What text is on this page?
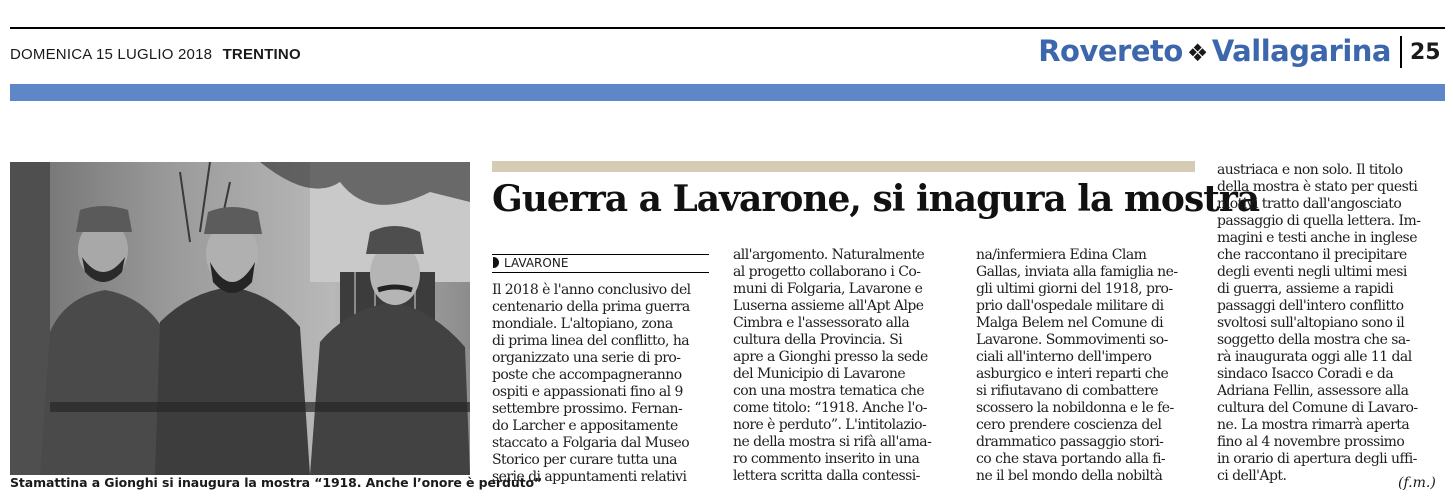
DOMENICA 15 LUGLIO 2018 TRENTINO	Rovereto ❖ Vallagarina 25
Stamattina a Gionghi si inaugura la mostra “1918. Anche l’onore è perduto”
Guerra a Lavarone, si inagura la mostra
LAVARONE
Il 2018 è l'anno conclusivo del
centenario della prima guerra
mondiale. L'altopiano, zona
di prima linea del conflitto, ha
organizzato una serie di pro-
poste che accompagneranno
ospiti e appassionati fino al 9
settembre prossimo. Fernan-
do Larcher e appositamente
staccato a Folgaria dal Museo
Storico per curare tutta una
serie di appuntamenti relativi
all'argomento. Naturalmente
al progetto collaborano i Co-
muni di Folgaria, Lavarone e
Luserna assieme all'Apt Alpe
Cimbra e l'assessorato alla
cultura della Provincia. Si
apre a Gionghi presso la sede
del Municipio di Lavarone
con una mostra tematica che
come titolo: “1918. Anche l'o-
nore è perduto”. L'intitolazio-
ne della mostra si rifà all'ama-
ro commento inserito in una
lettera scritta dalla contessi-
na/infermiera Edina Clam
Gallas, inviata alla famiglia ne-
gli ultimi giorni del 1918, pro-
prio dall'ospedale militare di
Malga Belem nel Comune di
Lavarone. Sommovimenti so-
ciali all'interno dell'impero
asburgico e interi reparti che
si rifiutavano di combattere
scossero la nobildonna e le fe-
cero prendere coscienza del
drammatico passaggio stori-
co che stava portando alla fi-
ne il bel mondo della nobiltà
austriaca e non solo. Il titolo
della mostra è stato per questi
motivi tratto dall'angosciato
passaggio di quella lettera. Im-
magini e testi anche in inglese
che raccontano il precipitare
degli eventi negli ultimi mesi
di guerra, assieme a rapidi
passaggi dell'intero conflitto
svoltosi sull'altopiano sono il
soggetto della mostra che sa-
rà inaugurata oggi alle 11 dal
sindaco Isacco Coradi e da
Adriana Fellin, assessore alla
cultura del Comune di Lavaro-
ne. La mostra rimarrà aperta
fino al 4 novembre prossimo
in orario di apertura degli uffi-
ci dell'Apt.	(f.m.)
